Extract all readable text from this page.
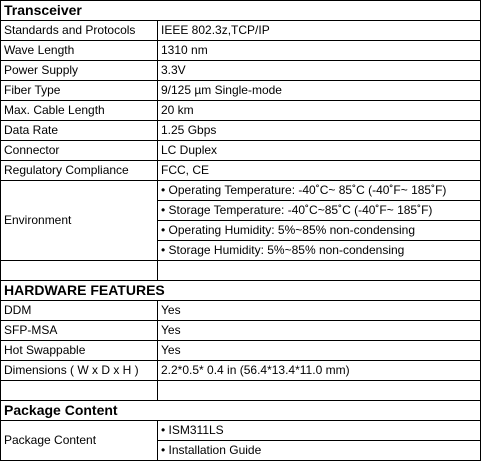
Transceiver	
Standards and Protocols	IEEE 802.3z,TCP/IP
Wave Length	1310 nm
Power Supply	3.3V
Fiber Type	9/125 µm Single-mode
Max. Cable Length	20 km
Data Rate	1.25 Gbps
Connector	LC Duplex
Regulatory Compliance	FCC, CE
Environment	• Operating Temperature: -40˚C~ 85˚C (-40˚F~ 185˚F)
	• Storage Temperature: -40˚C~85˚C (-40˚F~ 185˚F)
	• Operating Humidity: 5%~85% non-condensing
	• Storage Humidity: 5%~85% non-condensing

HARDWARE FEATURES	
DDM	Yes
SFP-MSA	Yes
Hot Swappable	Yes
Dimensions ( W x D x H )	2.2*0.5* 0.4 in (56.4*13.4*11.0 mm)

Package Content	
Package Content	• ISM311LS
	• Installation Guide
